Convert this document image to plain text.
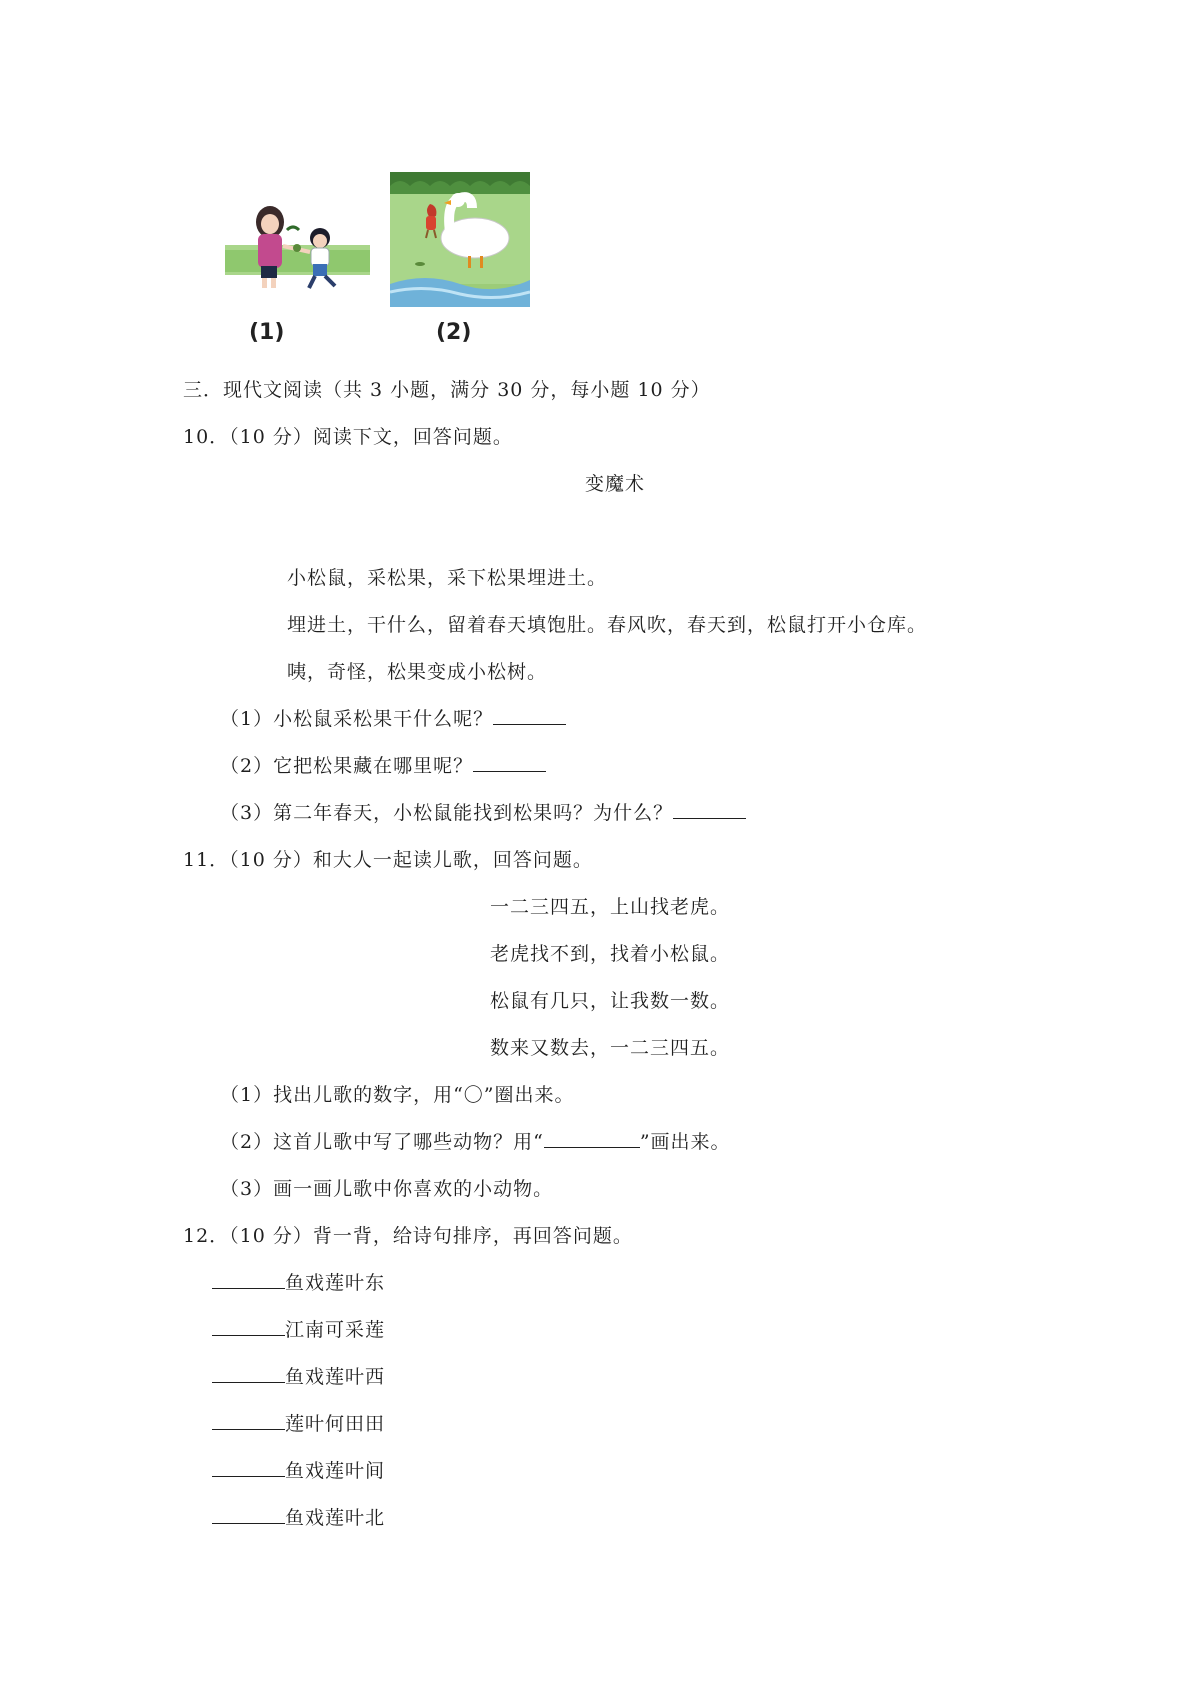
(1)	(2)
三．现代文阅读（共 3 小题，满分 30 分，每小题 10 分）
10．（10 分）阅读下文，回答问题。
变魔术
小松鼠，采松果，采下松果埋进土。
埋进土，干什么，留着春天填饱肚。春风吹，春天到，松鼠打开小仓库。
咦，奇怪，松果变成小松树。
（1）小松鼠采松果干什么呢？
（2）它把松果藏在哪里呢？
（3）第二年春天，小松鼠能找到松果吗？为什么？
11．（10 分）和大人一起读儿歌，回答问题。
一二三四五，上山找老虎。
老虎找不到，找着小松鼠。
松鼠有几只，让我数一数。
数来又数去，一二三四五。
（1）找出儿歌的数字，用“〇”圈出来。
（2）这首儿歌中写了哪些动物？用“	”画出来。
（3）画一画儿歌中你喜欢的小动物。
12．（10 分）背一背，给诗句排序，再回答问题。
鱼戏莲叶东
江南可采莲
鱼戏莲叶西
莲叶何田田
鱼戏莲叶间
鱼戏莲叶北
